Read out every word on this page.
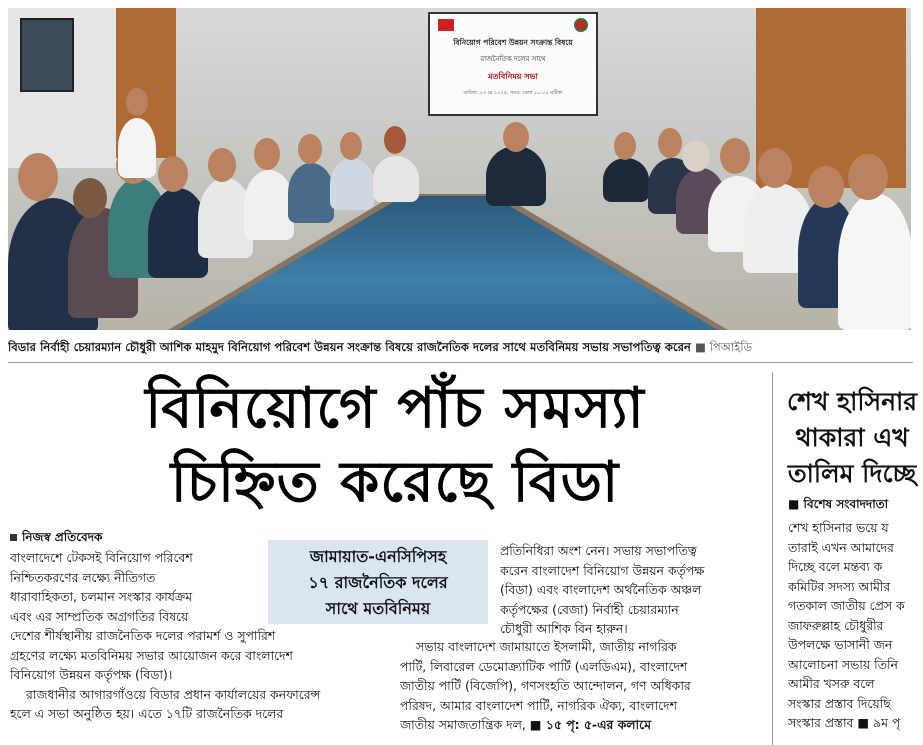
বিনিয়োগ পরিবেশ উন্নয়ন সংক্রান্ত বিষয়ে
রাজনৈতিক দলের সাথে
মতবিনিময় সভা
তারিখ: ১৩ মে ২০২৫, সময়: বেলা ১০:০০ ঘটিকা
বিডার নির্বাহী চেয়ারম্যান চৌধুরী আশিক মাহমুদ বিনিয়োগ পরিবেশ উন্নয়ন সংক্রান্ত বিষয়ে রাজনৈতিক দলের সাথে মতবিনিময় সভায় সভাপতিত্ব করেন ■ পিআইডি
বিনিয়োগে পাঁচ সমস্যা
চিহ্নিত করেছে বিডা
শেখ হাসিনার
থাকারা এখ
তালিম দিচ্ছে
■ বিশেষ সংবাদদাতা
শেখ হাসিনার ভয়ে য
তারাই এখন আমাদের
দিচ্ছে বলে মন্তব্য ক
কমিটির সদস্য আমীর
গতকাল জাতীয় প্রেস ক
জাফরুল্লাহ চৌধুরীর
উপলক্ষে ভাসানী জন
আলোচনা সভায় তিনি
আমীর খসরু বলে
সংস্কার প্রস্তাব দিয়েছি
সংস্কার প্রস্তাব ■ ৯ম পৃ
নিজস্ব প্রতিবেদক
বাংলাদেশে টেকসই বিনিয়োগ পরিবেশ
নিশ্চিতকরণের লক্ষ্যে নীতিগত
ধারাবাহিকতা, চলমান সংস্কার কার্যক্রম
এবং এর সাম্প্রতিক অগ্রগতির বিষয়ে
জামায়াত-এনসিপিসহ
১৭ রাজনৈতিক দলের
সাথে মতবিনিময়
দেশের শীর্ষস্থানীয় রাজনৈতিক দলের পরামর্শ ও সুপারিশ
গ্রহণের লক্ষ্যে মতবিনিময় সভার আয়োজন করে বাংলাদেশ
বিনিয়োগ উন্নয়ন কর্তৃপক্ষ (বিডা)।
রাজধানীর আগারগাঁওয়ে বিডার প্রধান কার্যালয়ের কনফারেন্স
হলে এ সভা অনুষ্ঠিত হয়। এতে ১৭টি রাজনৈতিক দলের
প্রতিনিধিরা অংশ নেন। সভায় সভাপতিত্ব
করেন বাংলাদেশ বিনিয়োগ উন্নয়ন কর্তৃপক্ষ
(বিডা) এবং বাংলাদেশ অর্থনৈতিক অঞ্চল
কর্তৃপক্ষের (বেজা) নির্বাহী চেয়ারম্যান
চৌধুরী আশিক বিন হারুন।
সভায় বাংলাদেশ জামায়াতে ইসলামী, জাতীয় নাগরিক
পার্টি, লিবারেল ডেমোক্র্যাটিক পার্টি (এলডিএম), বাংলাদেশ
জাতীয় পার্টি (বিজেপি), গণসংহতি আন্দোলন, গণ অধিকার
পরিষদ, আমার বাংলাদেশ পার্টি, নাগরিক ঐক্য, বাংলাদেশ
জাতীয় সমাজতান্ত্রিক দল, ■ ১৫ পৃ: ৫-এর কলামে
